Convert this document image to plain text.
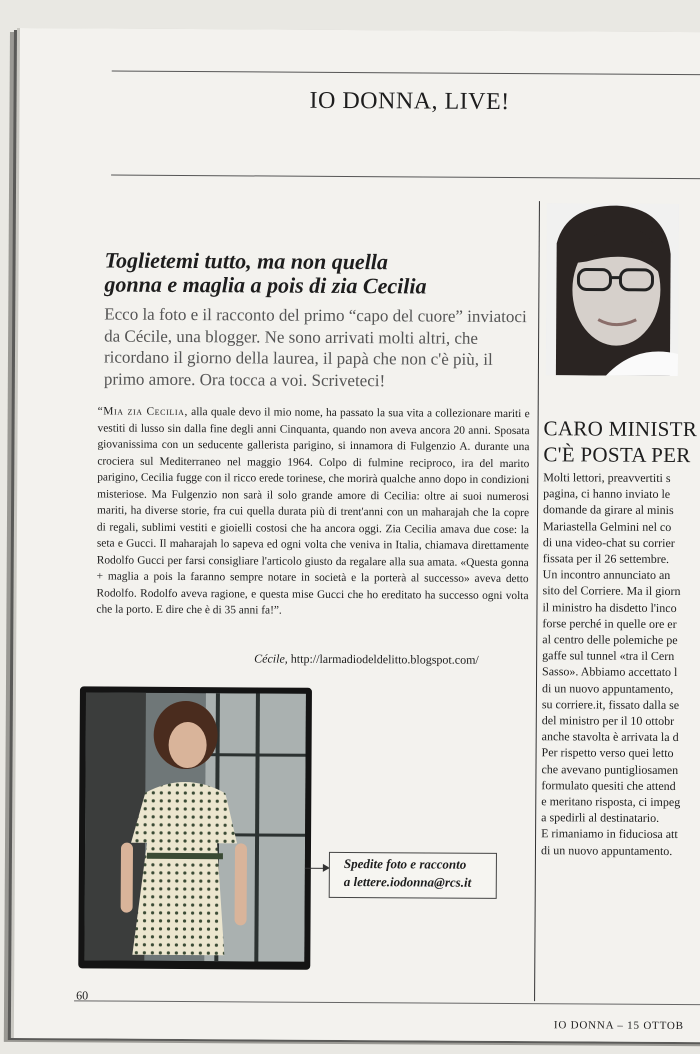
IO DONNA, LIVE!
Toglietemi tutto, ma non quella
gonna e maglia a pois di zia Cecilia
Ecco la foto e il racconto del primo “capo del cuore” inviatoci da Cécile, una blogger. Ne sono arrivati molti altri, che ricordano il giorno della laurea, il papà che non c'è più, il primo amore. Ora tocca a voi. Scriveteci!
“Mia zia Cecilia, alla quale devo il mio nome, ha passato la sua vita a collezionare mariti e vestiti di lusso sin dalla fine degli anni Cinquanta, quando non aveva ancora 20 anni. Sposata giovanissima con un seducente gallerista parigino, si innamora di Fulgenzio A. durante una crociera sul Mediterraneo nel maggio 1964. Colpo di fulmine reciproco, ira del marito parigino, Cecilia fugge con il ricco erede torinese, che morirà qualche anno dopo in condizioni misteriose. Ma Fulgenzio non sarà il solo grande amore di Cecilia: oltre ai suoi numerosi mariti, ha diverse storie, fra cui quella durata più di trent'anni con un maharajah che la copre di regali, sublimi vestiti e gioielli costosi che ha ancora oggi. Zia Cecilia amava due cose: la seta e Gucci. Il maharajah lo sapeva ed ogni volta che veniva in Italia, chiamava direttamente Rodolfo Gucci per farsi consigliare l'articolo giusto da regalare alla sua amata. «Questa gonna + maglia a pois la faranno sempre notare in società e la porterà al successo» aveva detto Rodolfo. Rodolfo aveva ragione, e questa mise Gucci che ho ereditato ha successo ogni volta che la porto. E dire che è di 35 anni fa!”.
Cécile, http://larmadiodeldelitto.blogspot.com/
Spedite foto e racconto
a lettere.iodonna@rcs.it
CARO MINISTR
C'È POSTA PER

Molti lettori, preavvertiti s

pagina, ci hanno inviato le

domande da girare al minis

Mariastella Gelmini nel co

di una video-chat su corrier

fissata per il 26 settembre.

Un incontro annunciato an

sito del Corriere. Ma il giorn

il ministro ha disdetto l'inco

forse perché in quelle ore er

al centro delle polemiche pe

gaffe sul tunnel «tra il Cern

Sasso». Abbiamo accettato l

di un nuovo appuntamento,

su corriere.it, fissato dalla se

del ministro per il 10 ottobr

anche stavolta è arrivata la d

Per rispetto verso quei letto

che avevano puntigliosamen

formulato quesiti che attend

e meritano risposta, ci impeg

a spedirli al destinatario.

E rimaniamo in fiduciosa att

di un nuovo appuntamento.

60
IO DONNA – 15 OTTOB
